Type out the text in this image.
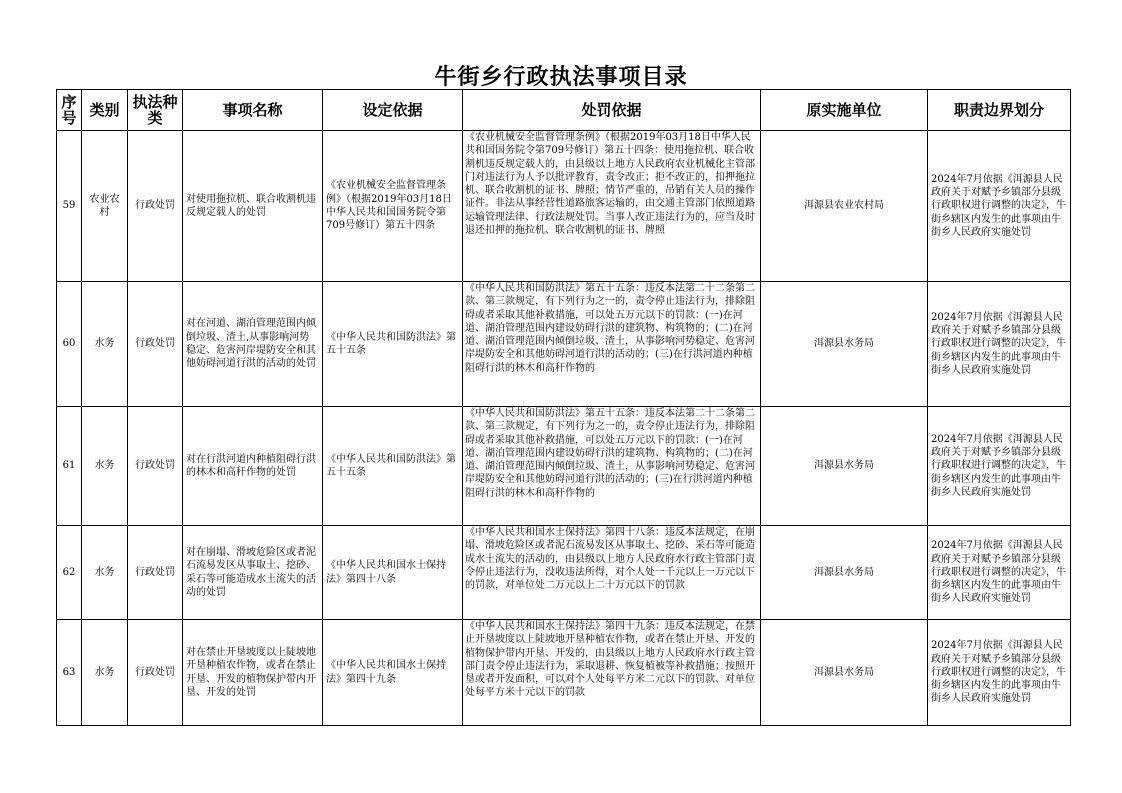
牛街乡行政执法事项目录
序号	类别	执法种类	事项名称	设定依据	处罚依据	原实施单位	职责边界划分
59	农业农村	行政处罚	对使用拖拉机、联合收割机违反规定载人的处罚	《农业机械安全监督管理条例》（根据2019年03月18日中华人民共和国国务院令第709号修订）第五十四条	《农业机械安全监督管理条例》（根据2019年03月18日中华人民共和国国务院令第709号修订）第五十四条：使用拖拉机、联合收割机违反规定载人的，由县级以上地方人民政府农业机械化主管部门对违法行为人予以批评教育，责令改正；拒不改正的，扣押拖拉机、联合收割机的证书、牌照；情节严重的，吊销有关人员的操作证件。非法从事经营性道路旅客运输的，由交通主管部门依照道路运输管理法律、行政法规处罚。当事人改正违法行为的，应当及时退还扣押的拖拉机、联合收割机的证书、牌照	洱源县农业农村局	2024年7月依据《洱源县人民政府关于对赋予乡镇部分县级行政职权进行调整的决定》，牛街乡辖区内发生的此事项由牛街乡人民政府实施处罚
60	水务	行政处罚	对在河道、湖泊管理范围内倾倒垃圾、渣土,从事影响河势稳定、危害河岸堤防安全和其他妨碍河道行洪的活动的处罚	《中华人民共和国防洪法》第五十五条	《中华人民共和国防洪法》第五十五条：违反本法第二十二条第二款、第三款规定，有下列行为之一的，责令停止违法行为，排除阻碍或者采取其他补救措施，可以处五万元以下的罚款：(一)在河道、湖泊管理范围内建设妨碍行洪的建筑物、构筑物的；(二)在河道、湖泊管理范围内倾倒垃圾、渣土，从事影响河势稳定、危害河岸堤防安全和其他妨碍河道行洪的活动的；(三)在行洪河道内种植阻碍行洪的林木和高秆作物的	洱源县水务局	2024年7月依据《洱源县人民政府关于对赋予乡镇部分县级行政职权进行调整的决定》，牛街乡辖区内发生的此事项由牛街乡人民政府实施处罚
61	水务	行政处罚	对在行洪河道内种植阻碍行洪的林木和高秆作物的处罚	《中华人民共和国防洪法》第五十五条	《中华人民共和国防洪法》第五十五条：违反本法第二十二条第二款、第三款规定，有下列行为之一的，责令停止违法行为，排除阻碍或者采取其他补救措施，可以处五万元以下的罚款：(一)在河道、湖泊管理范围内建设妨碍行洪的建筑物、构筑物的；(二)在河道、湖泊管理范围内倾倒垃圾、渣土，从事影响河势稳定、危害河岸堤防安全和其他妨碍河道行洪的活动的；(三)在行洪河道内种植阻碍行洪的林木和高秆作物的	洱源县水务局	2024年7月依据《洱源县人民政府关于对赋予乡镇部分县级行政职权进行调整的决定》，牛街乡辖区内发生的此事项由牛街乡人民政府实施处罚
62	水务	行政处罚	对在崩塌、滑坡危险区或者泥石流易发区从事取土、挖砂、采石等可能造成水土流失的活动的处罚	《中华人民共和国水土保持法》第四十八条	《中华人民共和国水土保持法》第四十八条：违反本法规定，在崩塌、滑坡危险区或者泥石流易发区从事取土、挖砂、采石等可能造成水土流失的活动的，由县级以上地方人民政府水行政主管部门责令停止违法行为，没收违法所得，对个人处一千元以上一万元以下的罚款，对单位处二万元以上二十万元以下的罚款	洱源县水务局	2024年7月依据《洱源县人民政府关于对赋予乡镇部分县级行政职权进行调整的决定》，牛街乡辖区内发生的此事项由牛街乡人民政府实施处罚
63	水务	行政处罚	对在禁止开垦坡度以上陡坡地开垦种植农作物，或者在禁止开垦、开发的植物保护带内开垦、开发的处罚	《中华人民共和国水土保持法》第四十九条	《中华人民共和国水土保持法》第四十九条：违反本法规定，在禁止开垦坡度以上陡坡地开垦种植农作物，或者在禁止开垦、开发的植物保护带内开垦、开发的，由县级以上地方人民政府水行政主管部门责令停止违法行为，采取退耕、恢复植被等补救措施；按照开垦或者开发面积，可以对个人处每平方米二元以下的罚款、对单位处每平方米十元以下的罚款	洱源县水务局	2024年7月依据《洱源县人民政府关于对赋予乡镇部分县级行政职权进行调整的决定》，牛街乡辖区内发生的此事项由牛街乡人民政府实施处罚
